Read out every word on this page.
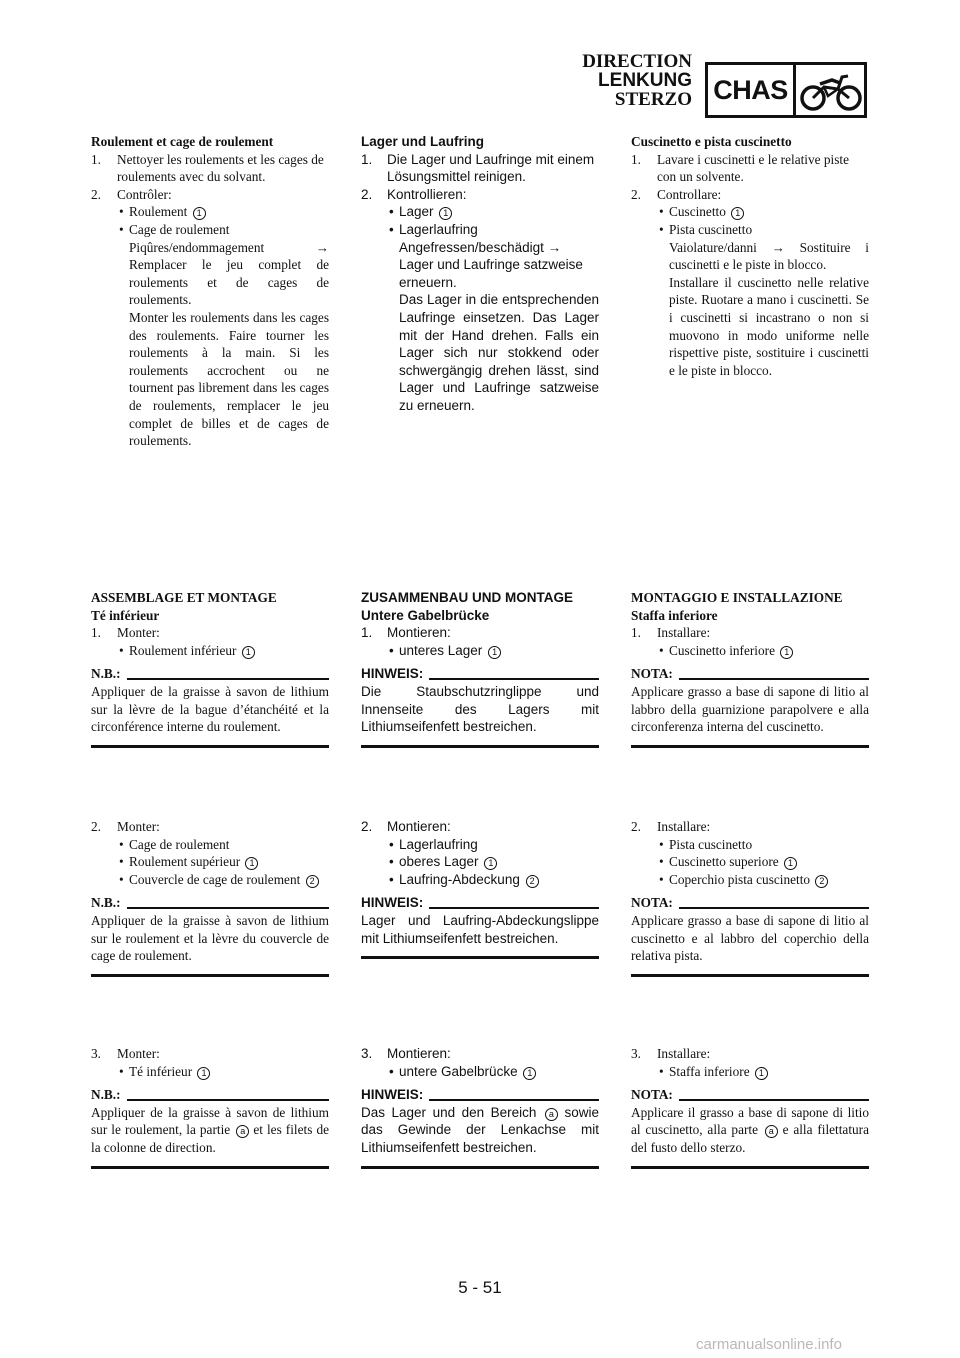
DIRECTION
LENKUNG
STERZO CHAS
Roulement et cage de roulement
1. Nettoyer les roulements et les cages de roulements avec du solvant.
2. Contrôler:
• Roulement 1
• Cage de roulement
Piqûres/endommagement → Remplacer le jeu complet de roulements et de cages de roulements.
Monter les roulements dans les cages des roulements. Faire tourner les roulements à la main. Si les roulements accrochent ou ne tournent pas librement dans les cages de roulements, remplacer le jeu complet de billes et de cages de roulements.
Lager und Laufring
1. Die Lager und Laufringe mit einem Lösungsmittel reinigen.
2. Kontrollieren:
• Lager 1
• Lagerlaufring
Angefressen/beschädigt → Lager und Laufringe satzweise erneuern.
Das Lager in die entsprechenden Laufringe einsetzen. Das Lager mit der Hand drehen. Falls ein Lager sich nur stokkend oder schwergängig drehen lässt, sind Lager und Laufringe satzweise zu erneuern.
Cuscinetto e pista cuscinetto
1. Lavare i cuscinetti e le relative piste con un solvente.
2. Controllare:
• Cuscinetto 1
• Pista cuscinetto
Vaiolature/danni → Sostituire i cuscinetti e le piste in blocco.
Installare il cuscinetto nelle relative piste. Ruotare a mano i cuscinetti. Se i cuscinetti si incastrano o non si muovono in modo uniforme nelle rispettive piste, sostituire i cuscinetti e le piste in blocco.
ASSEMBLAGE ET MONTAGE
Té inférieur
1. Monter:
• Roulement inférieur 1
N.B.:
Appliquer de la graisse à savon de lithium sur la lèvre de la bague d’étanchéité et la circonférence interne du roulement.
ZUSAMMENBAU UND MONTAGE
Untere Gabelbrücke
1. Montieren:
• unteres Lager 1
HINWEIS:
Die Staubschutzringlippe und Innenseite des Lagers mit Lithiumseifenfett bestreichen.
MONTAGGIO E INSTALLAZIONE
Staffa inferiore
1. Installare:
• Cuscinetto inferiore 1
NOTA:
Applicare grasso a base di sapone di litio al labbro della guarnizione parapolvere e alla circonferenza interna del cuscinetto.
2. Monter:
• Cage de roulement
• Roulement supérieur 1
• Couvercle de cage de roulement 2
N.B.:
Appliquer de la graisse à savon de lithium sur le roulement et la lèvre du couvercle de cage de roulement.
2. Montieren:
• Lagerlaufring
• oberes Lager 1
• Laufring-Abdeckung 2
HINWEIS:
Lager und Laufring-Abdeckungslippe mit Lithiumseifenfett bestreichen.
2. Installare:
• Pista cuscinetto
• Cuscinetto superiore 1
• Coperchio pista cuscinetto 2
NOTA:
Applicare grasso a base di sapone di litio al cuscinetto e al labbro del coperchio della relativa pista.
3. Monter:
• Té inférieur 1
N.B.:
Appliquer de la graisse à savon de lithium sur le roulement, la partie a et les filets de la colonne de direction.
3. Montieren:
• untere Gabelbrücke 1
HINWEIS:
Das Lager und den Bereich a sowie das Gewinde der Lenkachse mit Lithiumseifenfett bestreichen.
3. Installare:
• Staffa inferiore 1
NOTA:
Applicare il grasso a base di sapone di litio al cuscinetto, alla parte a e alla filettatura del fusto dello sterzo.
5 - 51
carmanualsonline.info
